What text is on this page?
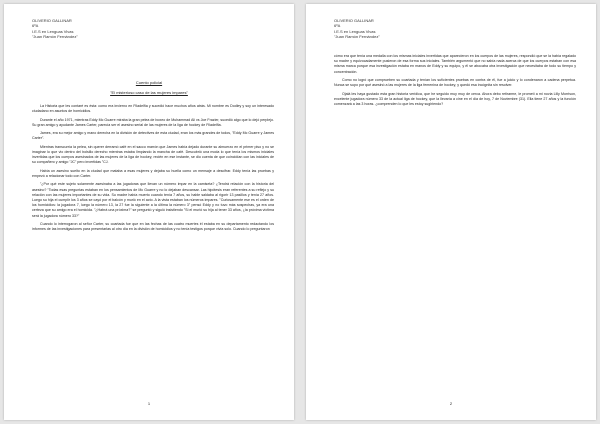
OLIVERIO GALLINAR
6ºA
I.E.S en Lenguas Vivas
"Juan Ramón Fernández"
Cuento policial
"El misterioso caso de las mujeres impares"

La Historia que les contaré es ésta: como era invierno en Filadelfia y sucedió hace muchos años atrás. Mi nombre es Dodley y soy un interesado ciudadano en asuntos de homicidios.

Durante el año 1971, mientras Eddy Mc Guarre miraba la gran pelea de boxeo de Muhammad Ali vs Joe Frazier, sucedió algo que lo dejó perplejo. Su gran amigo y ayudante James Carter, parecía ser el asesino serial de las mujeres de la liga de hockey de Filadelfia.

James, era su mejor amigo y mano derecha en la división de detectives de esta ciudad, eran los más grandes de todos, "Eddy Mc Guarre y James Carter".

Mientras transcurría la pelea, sin querer derramó café en el sacco marrón que James había dejado durante su almuerzo en el primer piso y no se imaginar lo que vio dentro del bolsillo derecho mientras estaba limpiando la mancha de café. Descubrió una moda lo que tenía los mismos iniciales invertidas que los cuerpos asesinados de las mujeres de la liga de hockey, recién en ese instante, se dio cuenta de que coincidían con las iniciales de su compañero y amigo "JC" pero invertidas "CJ.

Había un asesino suelto en la ciudad que mataba a esas mujeres y dejaba su huella como un mensaje a descifrar. Eddy tenía las pruebas y empezó a relacionar todo con Carter.

"¿Por qué este sujeto solamente asesinaba a las jugadoras que llevan un número impar en la camiseta? ¿Tendrá relación con la historia del asesino? "Todas esas preguntas estaban en los pensamientos de Mc Guarre y no lo dejaban descansar. Las hipótesis eran referentes a su reflejo y su relación con las mujeres importantes de su vida. Su madre había muerto cuando tenía 7 años, su hable saldaba al rigorir 13 pasillos y tenía 27 años. Luego su hija el cumplir los 3 años se cayó por el balcón y murió en el acto. A la vista estaban los números impares. "Curiosamente ese es el orden de los homicidios: la jugadora 7, luego la número 13, la 27 fue la siguiente a la última la número 3" pensó Eddy y no tuvo más sospechas, ya era una certeza que su amigo era el homicida. "¿Habrá una próxima?" se preguntó y siguió insistiendo "Si el murió su hija al tener 33 años, ¿la próxima víctima será la jugadora número 33?"

Cuando lo interrogaron al señor Carter, su coartada fue que en las fechas de las cuatro muertes él estaba en su departamento redactando los informes de las investigaciones para presentarlas al otro día en la división de homicidios y no tenía testigos porque vivía solo. Cuando lo preguntaron

1
OLIVERIO GALLINAR
6ºA
I.E.S en Lenguas Vivas
"Juan Ramón Fernández"

cómo era que tenía una medalla con los mismas iniciales invertidas que aparecieron en los cuerpos de las mujeres, respondió que se la había regalado su madre y equivocadamente pusieron de esa forma sus iniciales. También argumentó que no sabía nada acerca de que los cuerpos estaban con esa misma marca porque esa investigación estaba en manos de Eddy y su equipo, y él se abocaba otra investigación que necesitaba de todo su tiempo y concentración.

Como no logró que comprueben su coartada y tenían los suficientes pruebas en contra de él, fue a juicio y lo condenaron a cadena perpetua. Nunca se supo por qué asesinó a las mujeres de la liga femenina de hockey, y quedó esa incógnita sin resolver.

Ojalá les haya gustado esta gran historia verídica, que he seguido muy muy de cerca. Ahora debo retirarme, le prometí a mi novia Lilly Morrison, excelente jugadora número 33 de la actual liga de hockey, que la llevaría a cine en el día de hoy, 7 de Noviembre (31). Ella tiene 27 años y la función comenzará a las 3 horas. ¿comprenden lo que les estoy sugiriendo?

2
